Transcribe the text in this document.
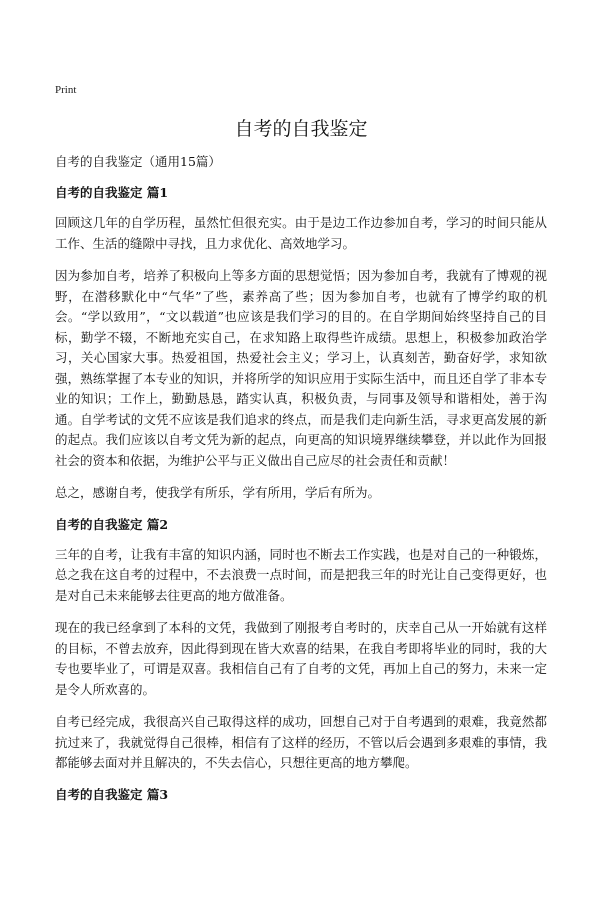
Print
自考的自我鉴定
自考的自我鉴定（通用15篇）
自考的自我鉴定 篇1

回顾这几年的自学历程，虽然忙但很充实。由于是边工作边参加自考，学习的时间只能从工作、生活的缝隙中寻找，且力求优化、高效地学习。

因为参加自考，培养了积极向上等多方面的思想觉悟；因为参加自考，我就有了博观的视野，在潜移默化中“气华”了些，素养高了些；因为参加自考，也就有了博学约取的机会。“学以致用”，“文以载道”也应该是我们学习的目的。在自学期间始终坚持自己的目标，勤学不辍，不断地充实自己，在求知路上取得些许成绩。思想上，积极参加政治学习，关心国家大事。热爱祖国，热爱社会主义；学习上，认真刻苦，勤奋好学，求知欲强，熟练掌握了本专业的知识，并将所学的知识应用于实际生活中，而且还自学了非本专业的知识；工作上，勤勤恳恳，踏实认真，积极负责，与同事及领导和谐相处，善于沟通。自学考试的文凭不应该是我们追求的终点，而是我们走向新生活，寻求更高发展的新的起点。我们应该以自考文凭为新的起点，向更高的知识境界继续攀登，并以此作为回报社会的资本和依据，为维护公平与正义做出自己应尽的社会责任和贡献！

总之，感谢自考，使我学有所乐，学有所用，学后有所为。

自考的自我鉴定 篇2

三年的自考，让我有丰富的知识内涵，同时也不断去工作实践，也是对自己的一种锻炼，总之我在这自考的过程中，不去浪费一点时间，而是把我三年的时光让自己变得更好，也是对自己未来能够去往更高的地方做准备。

现在的我已经拿到了本科的文凭，我做到了刚报考自考时的，庆幸自己从一开始就有这样的目标，不曾去放弃，因此得到现在皆大欢喜的结果，在我自考即将毕业的同时，我的大专也要毕业了，可谓是双喜。我相信自己有了自考的文凭，再加上自己的努力，未来一定是令人所欢喜的。

自考已经完成，我很高兴自己取得这样的成功，回想自己对于自考遇到的艰难，我竟然都抗过来了，我就觉得自己很棒，相信有了这样的经历，不管以后会遇到多艰难的事情，我都能够去面对并且解决的，不失去信心，只想往更高的地方攀爬。

自考的自我鉴定 篇3
